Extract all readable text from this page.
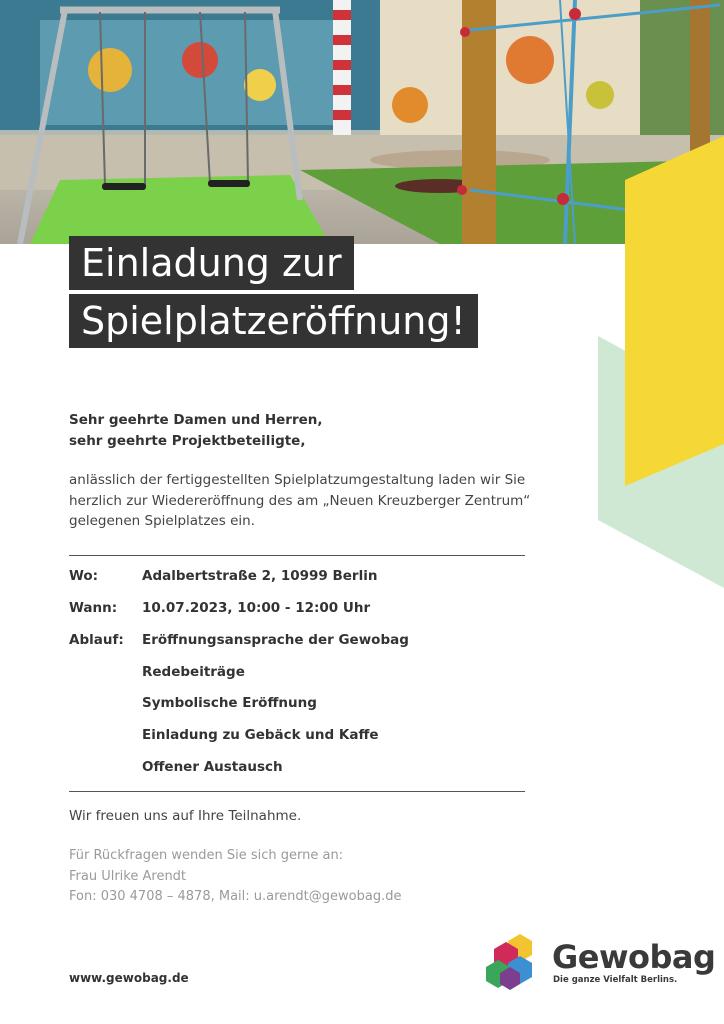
Einladung zur
Spielplatzeröffnung!
Sehr geehrte Damen und Herren,
sehr geehrte Projektbeteiligte,
anlässlich der fertiggestellten Spielplatzumgestaltung laden wir Sie
herzlich zur Wiedereröffnung des am „Neuen Kreuzberger Zentrum“
gelegenen Spielplatzes ein.
Wo:	Adalbertstraße 2, 10999 Berlin
Wann: 10.07.2023, 10:00 - 12:00 Uhr
Ablauf: Eröffnungsansprache der Gewobag
Redebeiträge
Symbolische Eröffnung
Einladung zu Gebäck und Kaffe
Offener Austausch
Wir freuen uns auf Ihre Teilnahme.
Für Rückfragen wenden Sie sich gerne an:
Frau Ulrike Arendt
Fon: 030 4708 – 4878, Mail: u.arendt@gewobag.de
www.gewobag.de
Gewobag
Die ganze Vielfalt Berlins.
